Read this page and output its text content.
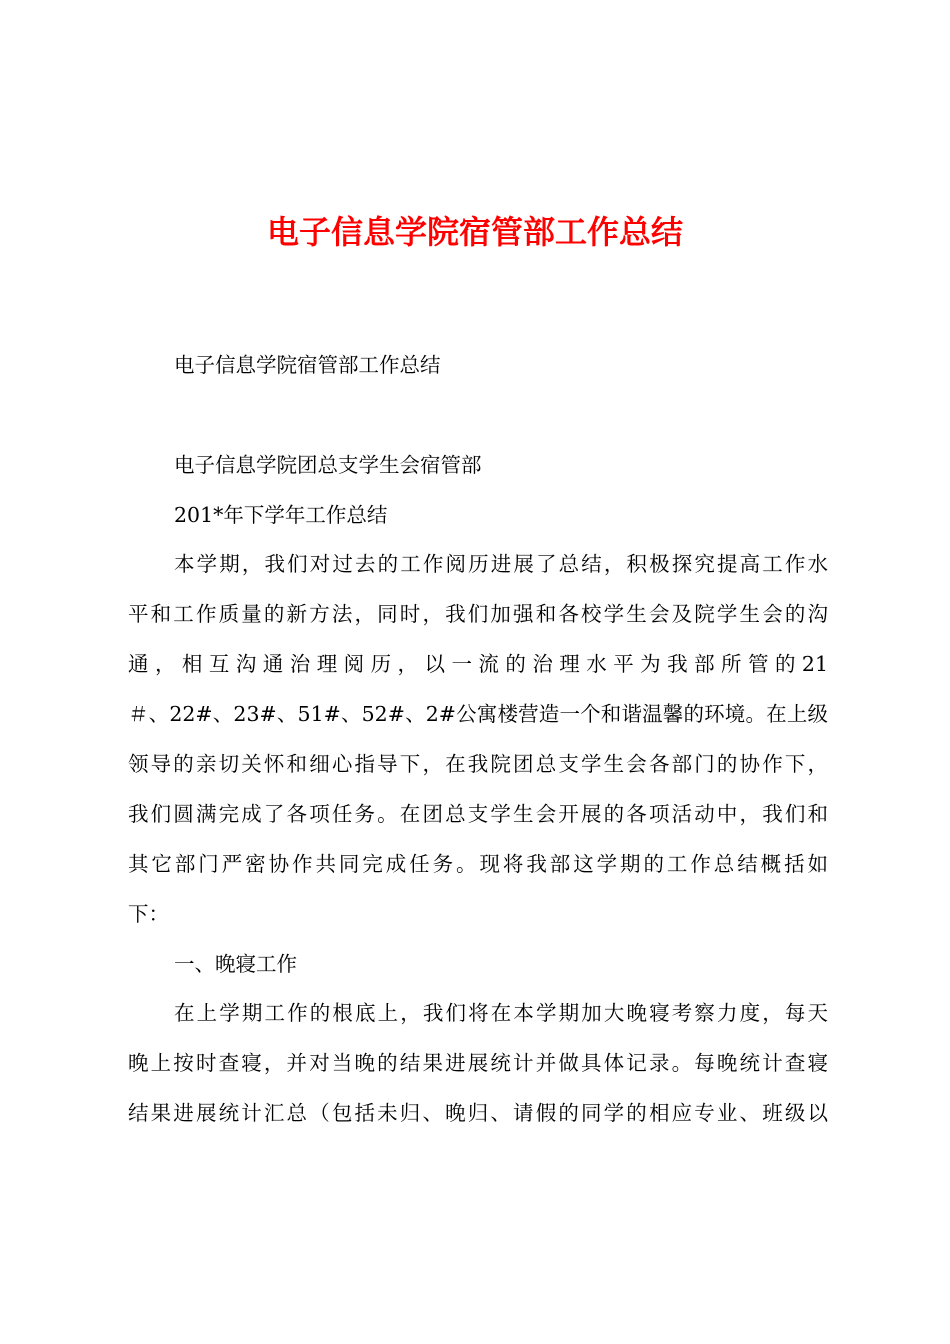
电子信息学院宿管部工作总结
电子信息学院宿管部工作总结
电子信息学院团总支学生会宿管部
201*年下学年工作总结
本学期，我们对过去的工作阅历进展了总结，积极探究提高工作水
平和工作质量的新方法，同时，我们加强和各校学生会及院学生会的沟
通，相互沟通治理阅历，以一流的治理水平为我部所管的21
＃、22#、23#、51#、52#、2#公寓楼营造一个和谐温馨的环境。在上级
领导的亲切关怀和细心指导下，在我院团总支学生会各部门的协作下，
我们圆满完成了各项任务。在团总支学生会开展的各项活动中，我们和
其它部门严密协作共同完成任务。现将我部这学期的工作总结概括如
下：
一、晚寝工作
在上学期工作的根底上，我们将在本学期加大晚寝考察力度，每天
晚上按时查寝，并对当晚的结果进展统计并做具体记录。每晚统计查寝
结果进展统计汇总（包括未归、晚归、请假的同学的相应专业、班级以
